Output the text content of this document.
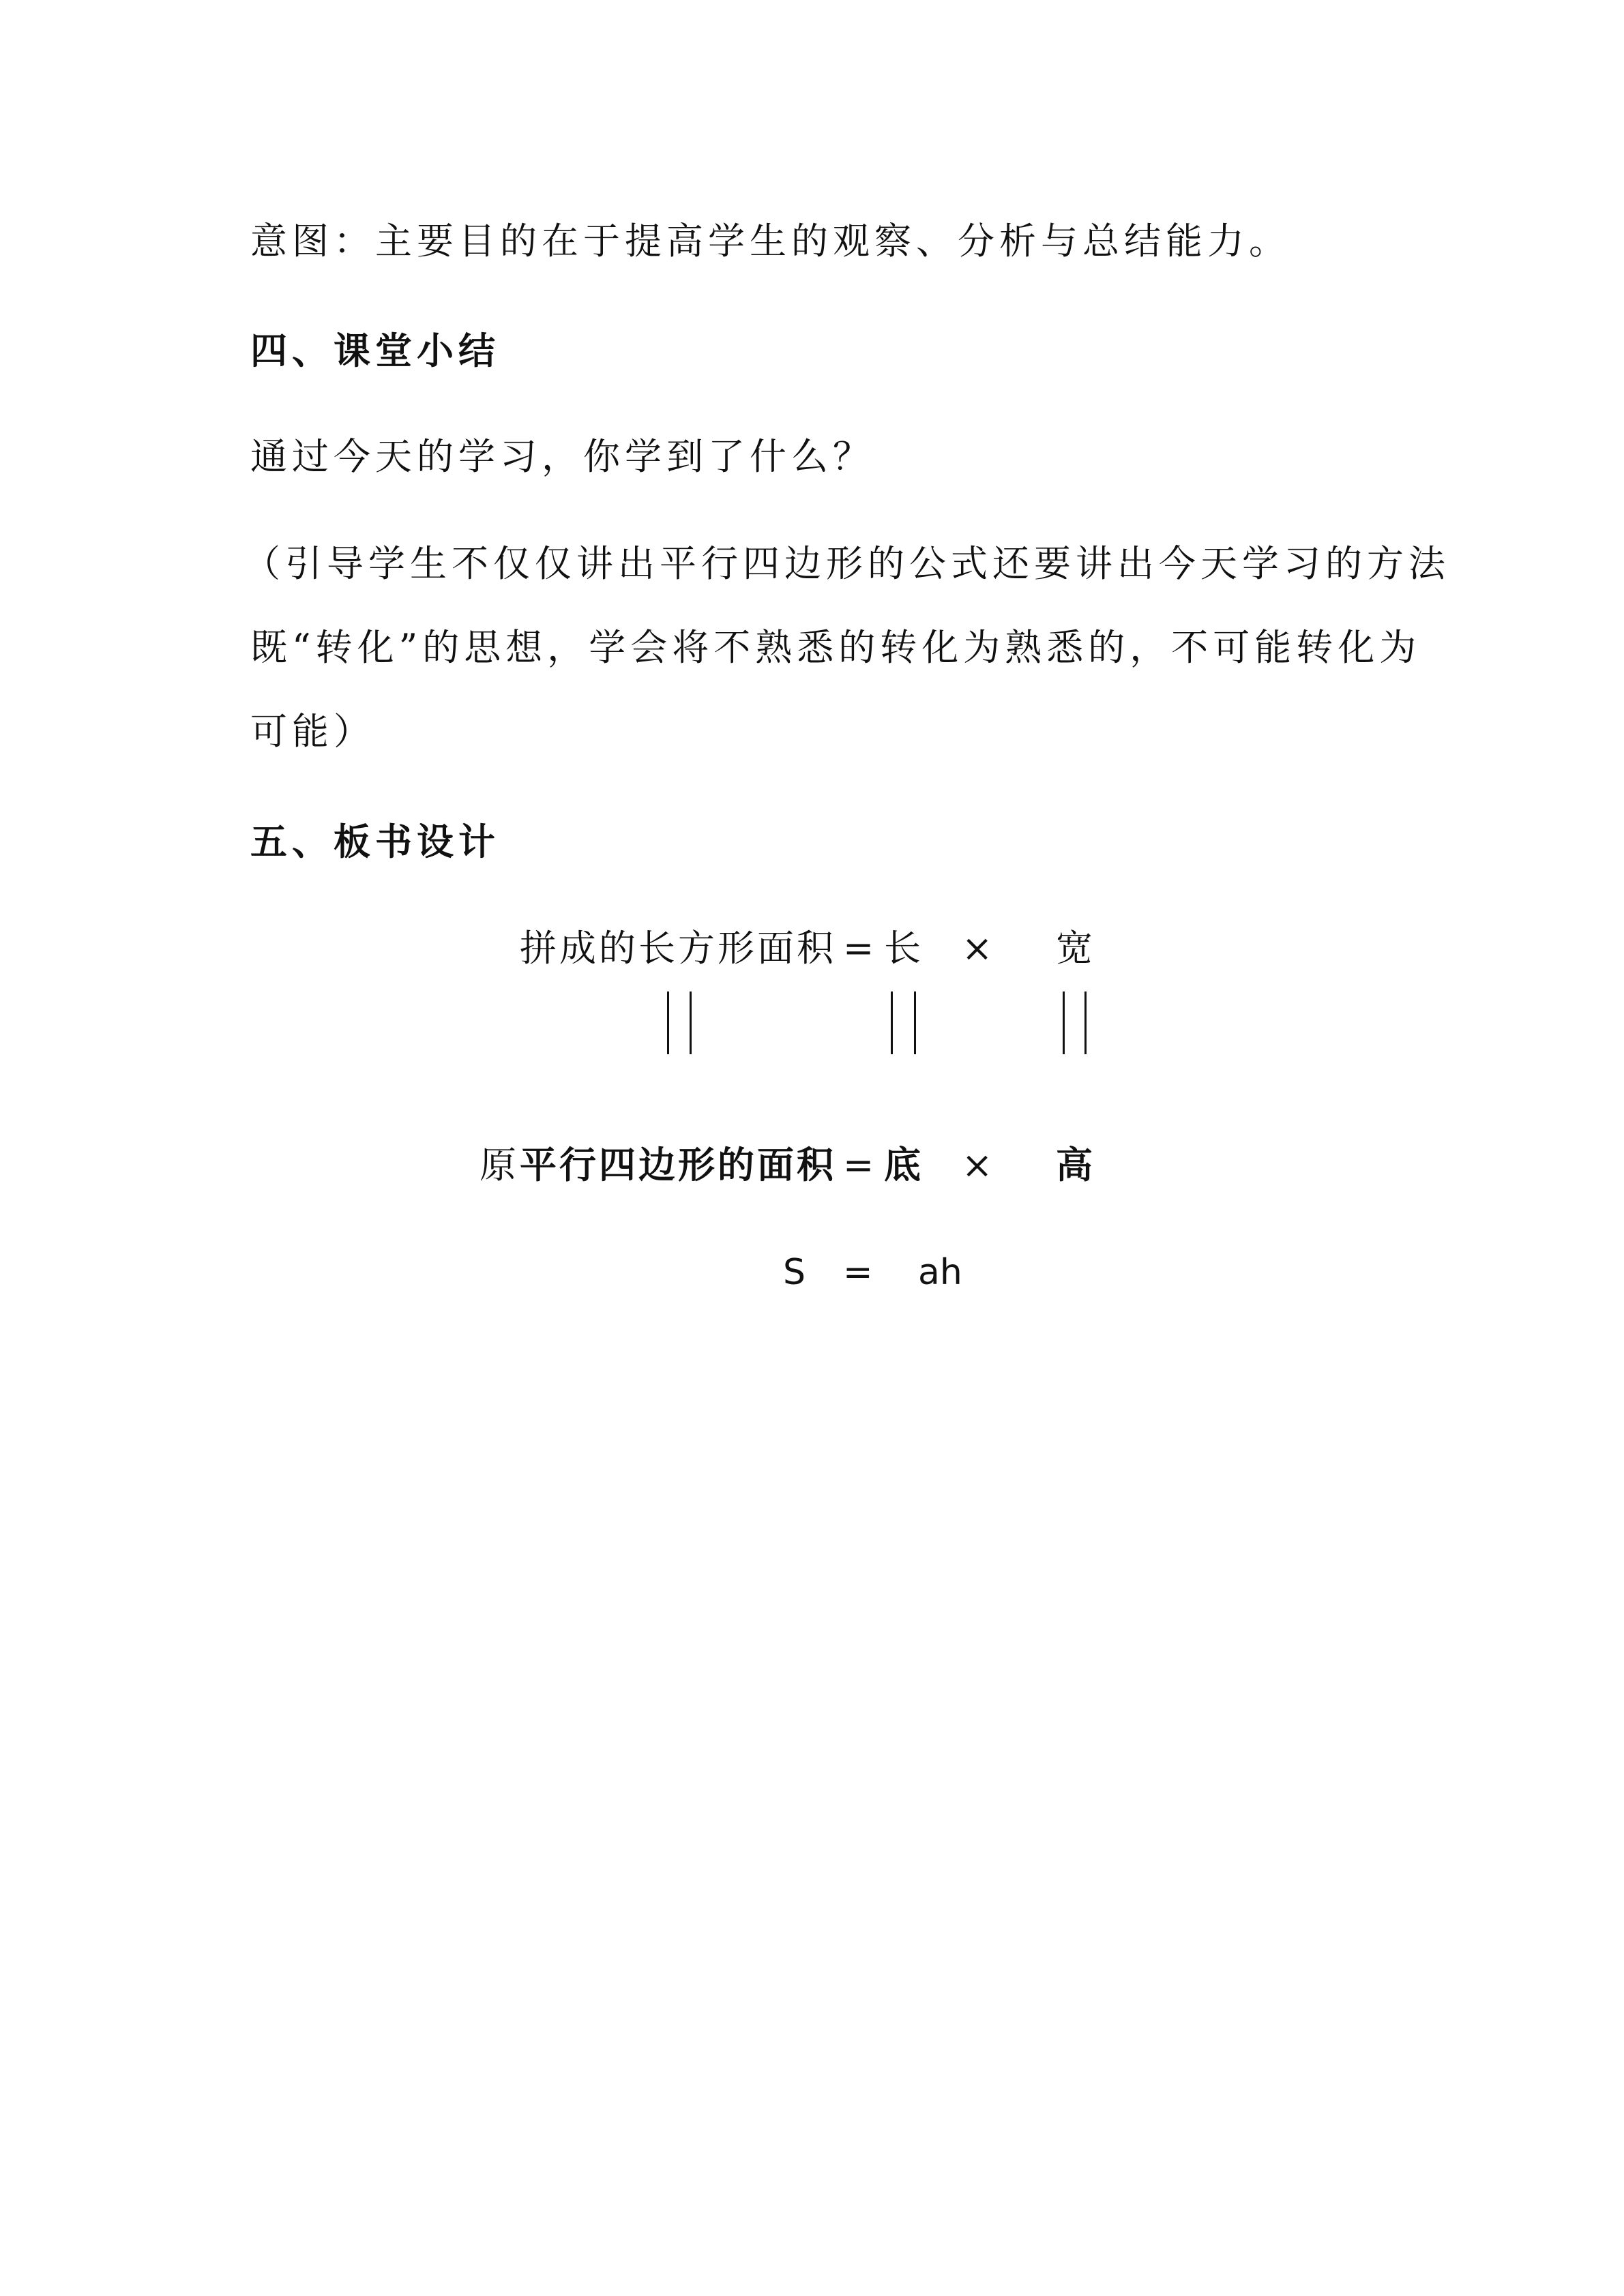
意图：主要目的在于提高学生的观察、分析与总结能力。
四、课堂小结
通过今天的学习，你学到了什么？
（引导学生不仅仅讲出平行四边形的公式还要讲出今天学习的方法
既“转化”的思想，学会将不熟悉的转化为熟悉的，不可能转化为
可能）
五、板书设计
拼成的长方形面积 = 长 × 宽
原 平行四边形的面积 = 底 × 高
S = ah
